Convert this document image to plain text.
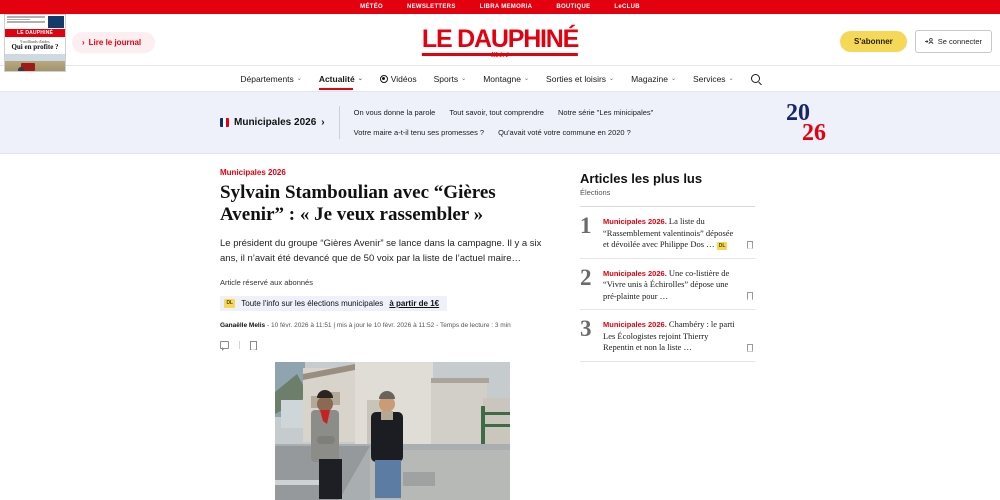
MÉTÉO	NEWSLETTERS	LIBRA MEMORIA	BOUTIQUE	LeCLUB
LE DAUPHINÉ
9 milliards d'aides
Qui en profite ?
› Lire le journal	LE DAUPHINÉ
libéré
S'abonner	Se connecter
Départements ⌄ Actualité ⌄	Vidéos Sports ⌄ Montagne ⌄ Sorties et loisirs ⌄ Magazine ⌄ Services ⌄
Municipales 2026 ›
On vous donne la parole Tout savoir, tout comprendre Notre série "Les minicipales"
Votre maire a-t-il tenu ses promesses ? Qu'avait voté votre commune en 2020 ?
20
26
Municipales 2026
Sylvain Stamboulian avec “Gières Avenir” : « Je veux rassembler »

Le président du groupe “Gières Avenir” se lance dans la campagne. Il y a six ans, il n’avait été devancé que de 50 voix par la liste de l’actuel maire…

Article réservé aux abonnés
DL	Toute l'info sur les élections municipales à partir de 1€
Ganaëlle Melis - 10 févr. 2026 à 11:51 | mis à jour le 10 févr. 2026 à 11:52 - Temps de lecture : 3 min
Articles les plus lus
Élections
1	Municipales 2026. La liste du “Rassemblement valentinois” déposée et dévoilée avec Philippe Dos … DL
2	Municipales 2026. Une co-listière de “Vivre unis à Échirolles” dépose une pré-plainte pour …
3	Municipales 2026. Chambéry : le parti Les Écologistes rejoint Thierry Repentin et non la liste …
